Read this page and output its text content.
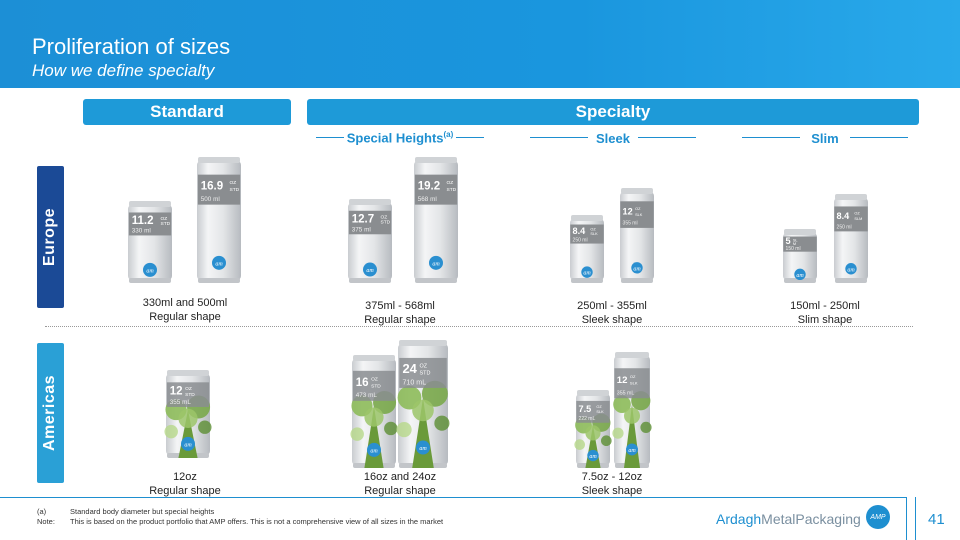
Proliferation of sizes
How we define specialty
Standard	Specialty
Special Heights$^{(a)}$	Sleek	Slim
Europe
Americas
11.2 OZ
STD
330 ml
am
16.9 OZ
STD
500 ml
am
12.7 OZ
STD
375 ml
am
19.2 OZ
STD
568 ml
am
8.4 OZ
SLK
250 ml
am
12 OZ
SLK
355 ml
am
5 SL
M
150 ml
am
8.4 OZ
SLM
250 ml
am
12 OZ
STD
355 mL
am
16 OZ
STD
473 mL
am
24 OZ
STD
710 mL
am
7.5 OZ
SLK
222 mL
am
12 OZ
SLK
355 mL
am
330ml and 500ml
Regular shape
375ml - 568ml
Regular shape
250ml - 355ml
Sleek shape
150ml - 250ml
Slim shape
12oz
Regular shape
16oz and 24oz
Regular shape
7.5oz - 12oz
Sleek shape
(a)	Standard body diameter but special heights
Note: This is based on the product portfolio that AMP offers. This is not a comprehensive view of all sizes in the market	ArdaghMetalPackaging	AMP	41
